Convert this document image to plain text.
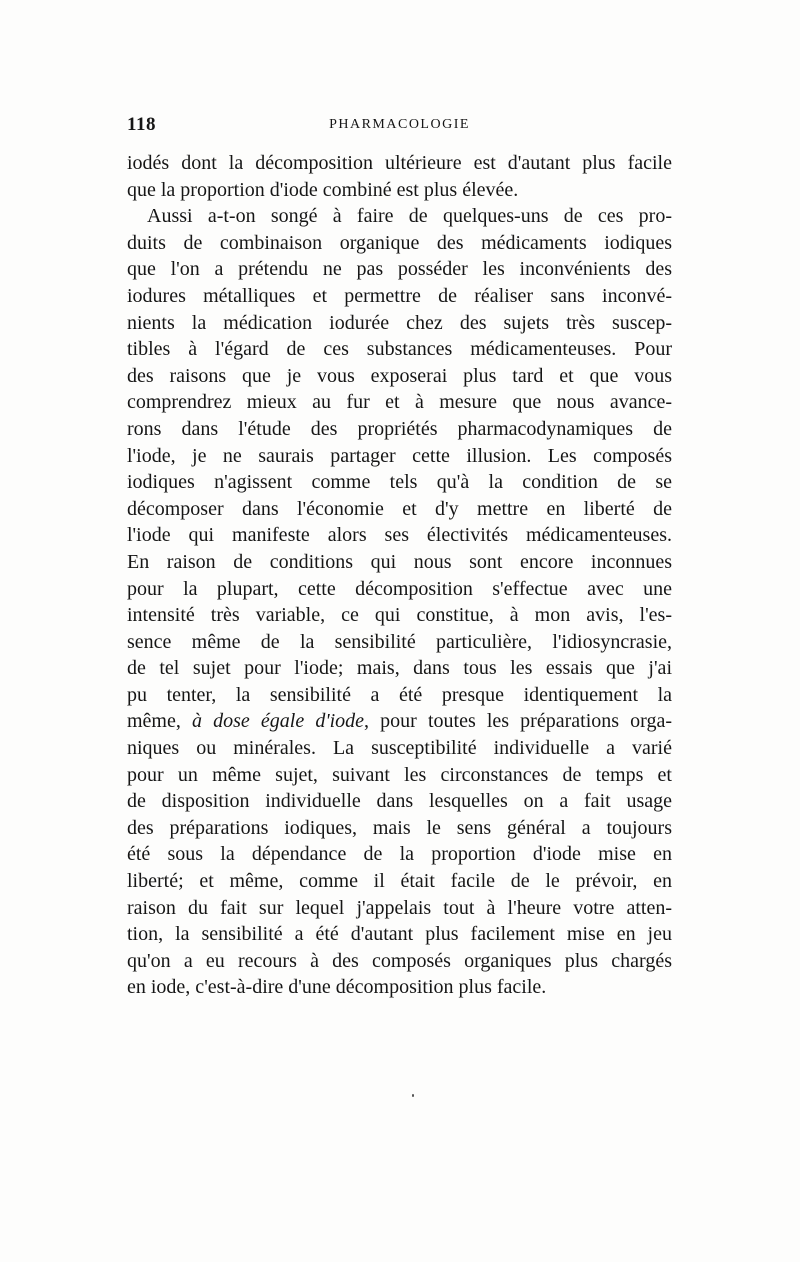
118	PHARMACOLOGIE
iodés dont la décomposition ultérieure est d'autant plus facile
que la proportion d'iode combiné est plus élevée.
Aussi a-t-on songé à faire de quelques-uns de ces pro-
duits de combinaison organique des médicaments iodiques
que l'on a prétendu ne pas posséder les inconvénients des
iodures métalliques et permettre de réaliser sans inconvé-
nients la médication iodurée chez des sujets très suscep-
tibles à l'égard de ces substances médicamenteuses. Pour
des raisons que je vous exposerai plus tard et que vous
comprendrez mieux au fur et à mesure que nous avance-
rons dans l'étude des propriétés pharmacodynamiques de
l'iode, je ne saurais partager cette illusion. Les composés
iodiques n'agissent comme tels qu'à la condition de se
décomposer dans l'économie et d'y mettre en liberté de
l'iode qui manifeste alors ses électivités médicamenteuses.
En raison de conditions qui nous sont encore inconnues
pour la plupart, cette décomposition s'effectue avec une
intensité très variable, ce qui constitue, à mon avis, l'es-
sence même de la sensibilité particulière, l'idiosyncrasie,
de tel sujet pour l'iode; mais, dans tous les essais que j'ai
pu tenter, la sensibilité a été presque identiquement la
même, à dose égale d'iode, pour toutes les préparations orga-
niques ou minérales. La susceptibilité individuelle a varié
pour un même sujet, suivant les circonstances de temps et
de disposition individuelle dans lesquelles on a fait usage
des préparations iodiques, mais le sens général a toujours
été sous la dépendance de la proportion d'iode mise en
liberté; et même, comme il était facile de le prévoir, en
raison du fait sur lequel j'appelais tout à l'heure votre atten-
tion, la sensibilité a été d'autant plus facilement mise en jeu
qu'on a eu recours à des composés organiques plus chargés
en iode, c'est-à-dire d'une décomposition plus facile.
